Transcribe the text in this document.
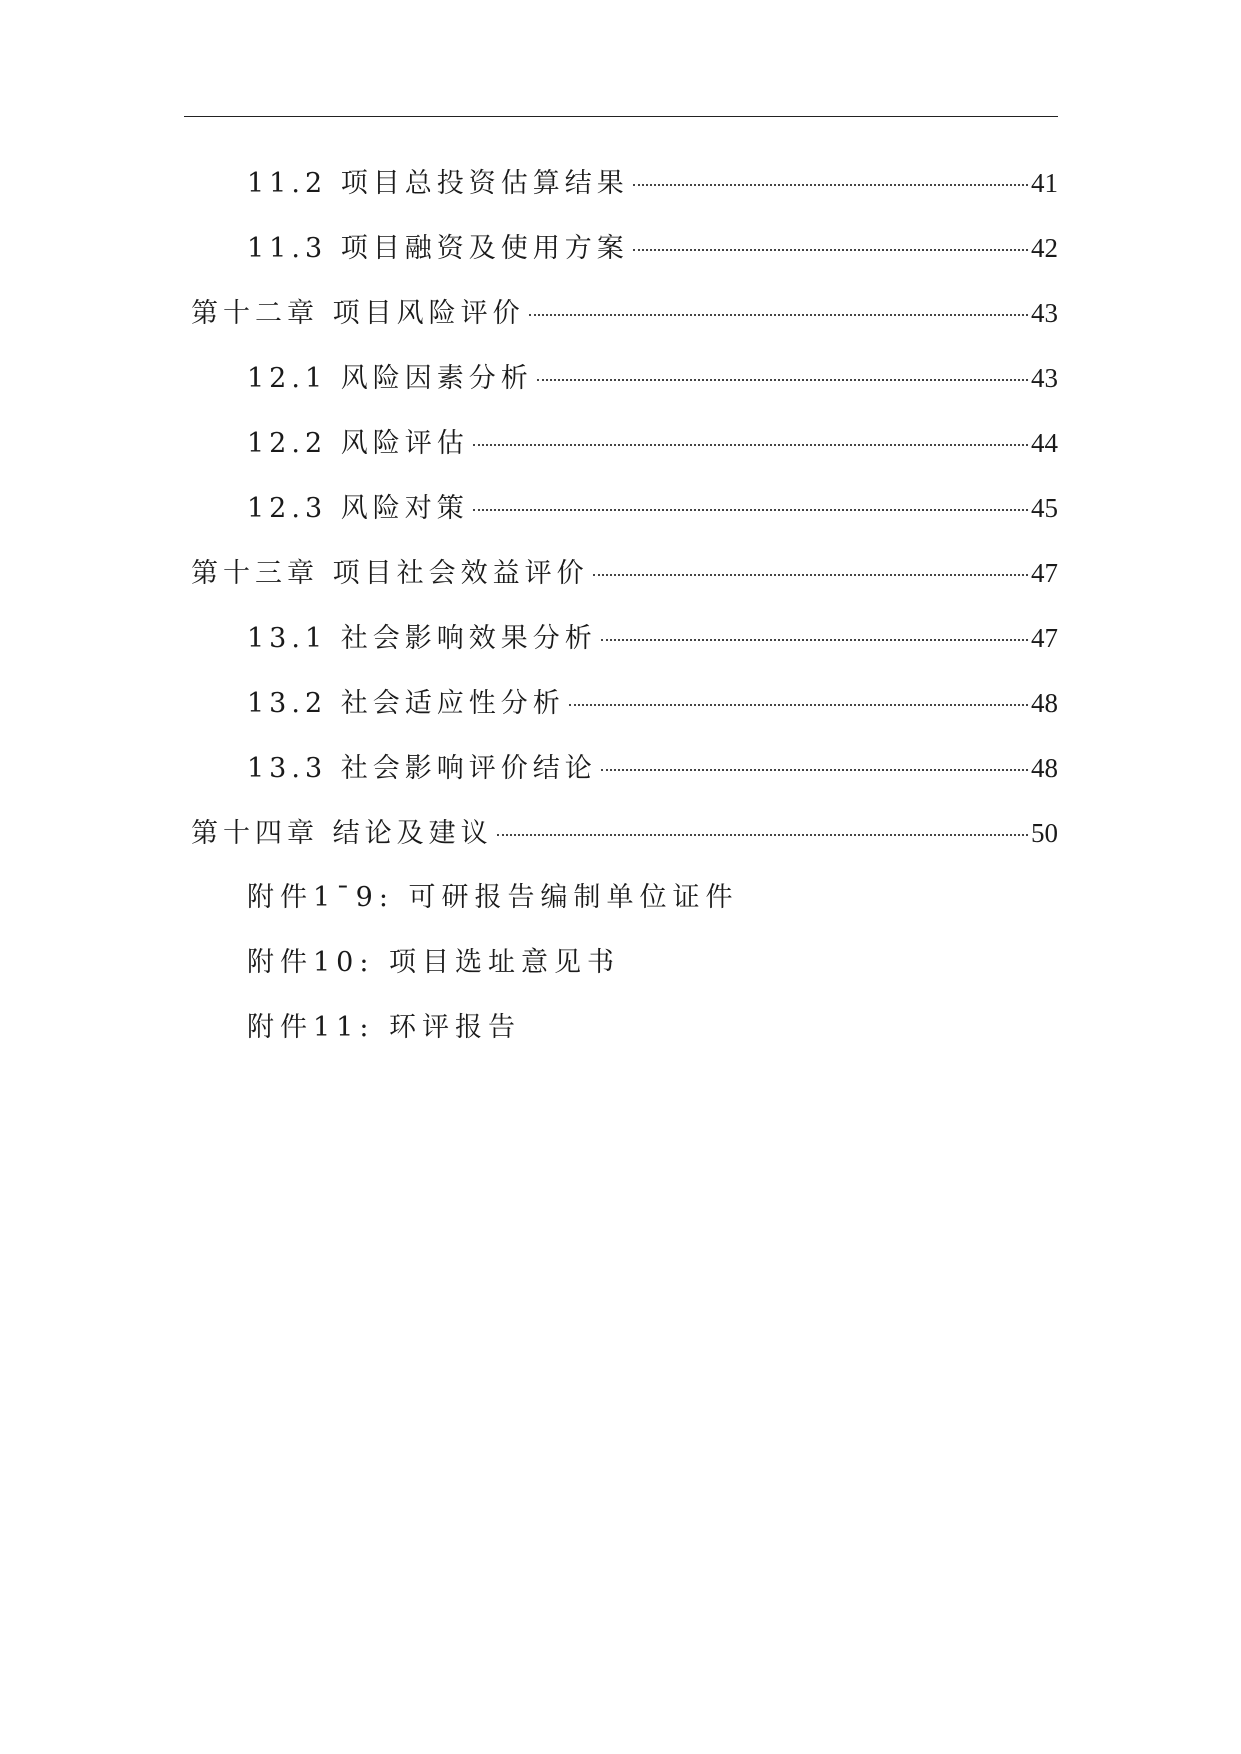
11.2 项目总投资估算结果	41
11.3 项目融资及使用方案	42
第十二章 项目风险评价	43
12.1 风险因素分析	43
12.2 风险评估	44
12.3 风险对策	45
第十三章 项目社会效益评价	47
13.1 社会影响效果分析	47
13.2 社会适应性分析	48
13.3 社会影响评价结论	48
第十四章 结论及建议	50
附件1¯9: 可研报告编制单位证件
附件10: 项目选址意见书
附件11: 环评报告
